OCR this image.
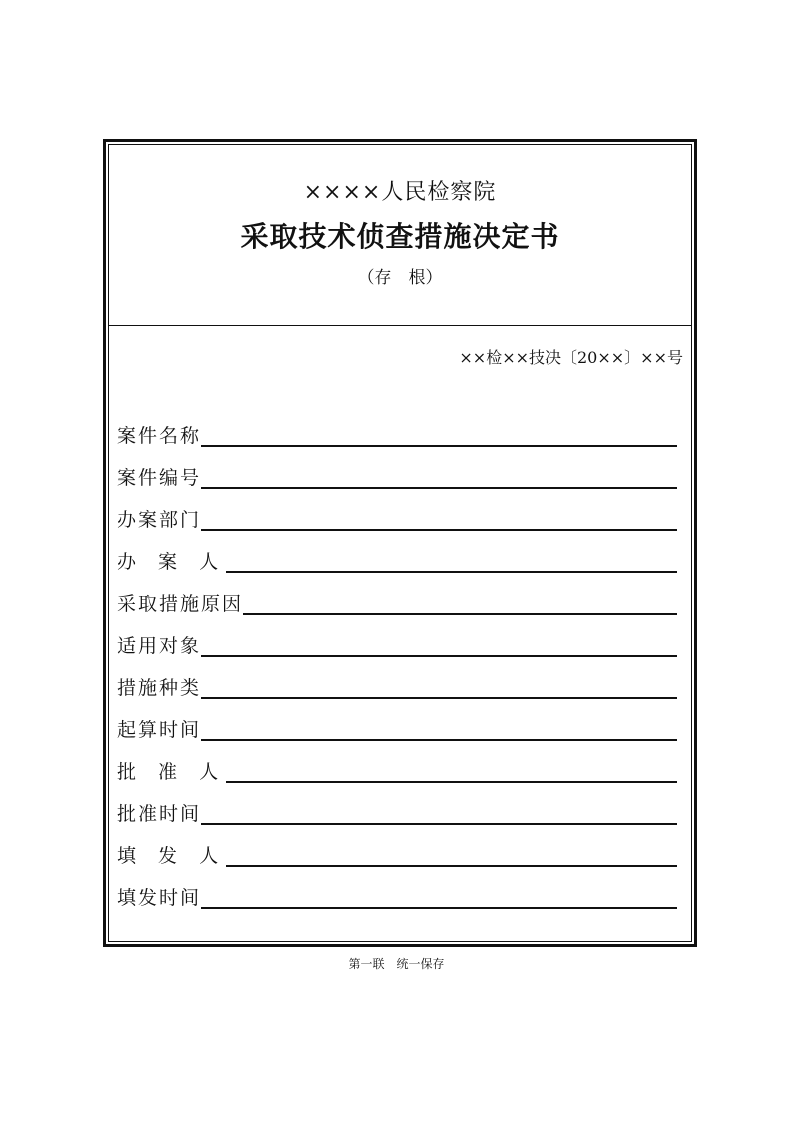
××××人民检察院
采取技术侦查措施决定书
（存　根）
××检××技决〔20××〕××号
案件名称
案件编号
办案部门
办 案 人
采取措施原因
适用对象
措施种类
起算时间
批 准 人
批准时间
填 发 人
填发时间
第一联　统一保存
